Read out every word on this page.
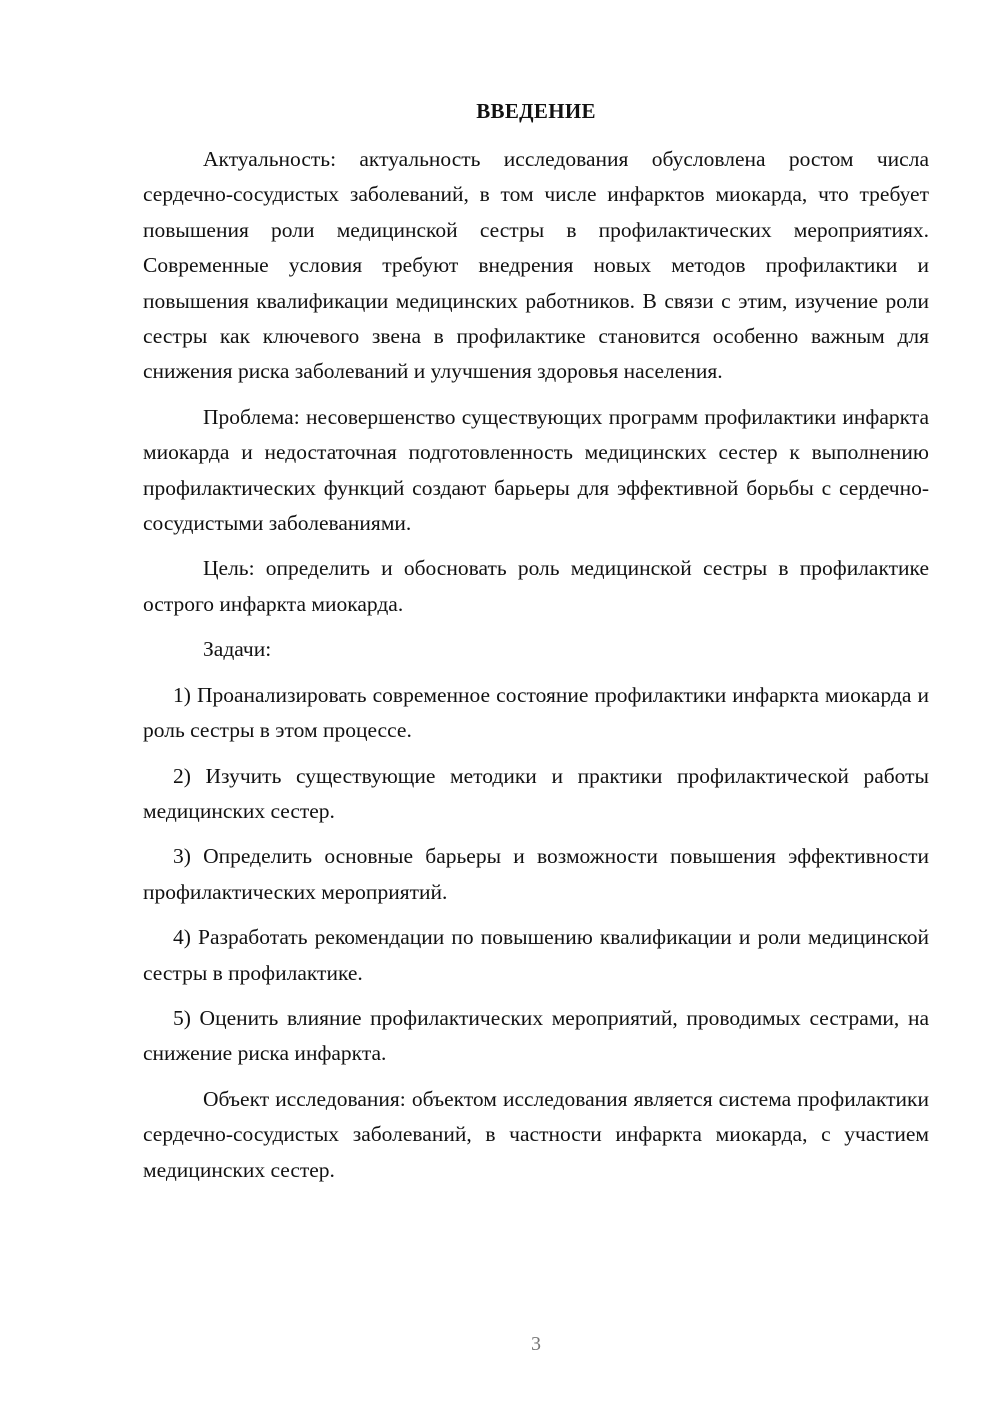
ВВЕДЕНИЕ

Актуальность: актуальность исследования обусловлена ростом числа сердечно-сосудистых заболеваний, в том числе инфарктов миокарда, что требует повышения роли медицинской сестры в профилактических мероприятиях. Современные условия требуют внедрения новых методов профилактики и повышения квалификации медицинских работников. В связи с этим, изучение роли сестры как ключевого звена в профилактике становится особенно важным для снижения риска заболеваний и улучшения здоровья населения.

Проблема: несовершенство существующих программ профилактики инфаркта миокарда и недостаточная подготовленность медицинских сестер к выполнению профилактических функций создают барьеры для эффективной борьбы с сердечно-сосудистыми заболеваниями.

Цель: определить и обосновать роль медицинской сестры в профилактике острого инфаркта миокарда.

Задачи:

1) Проанализировать современное состояние профилактики инфаркта миокарда и роль сестры в этом процессе.

2) Изучить существующие методики и практики профилактической работы медицинских сестер.

3) Определить основные барьеры и возможности повышения эффективности профилактических мероприятий.

4) Разработать рекомендации по повышению квалификации и роли медицинской сестры в профилактике.

5) Оценить влияние профилактических мероприятий, проводимых сестрами, на снижение риска инфаркта.

Объект исследования: объектом исследования является система профилактики сердечно-сосудистых заболеваний, в частности инфаркта миокарда, с участием медицинских сестер.

3
